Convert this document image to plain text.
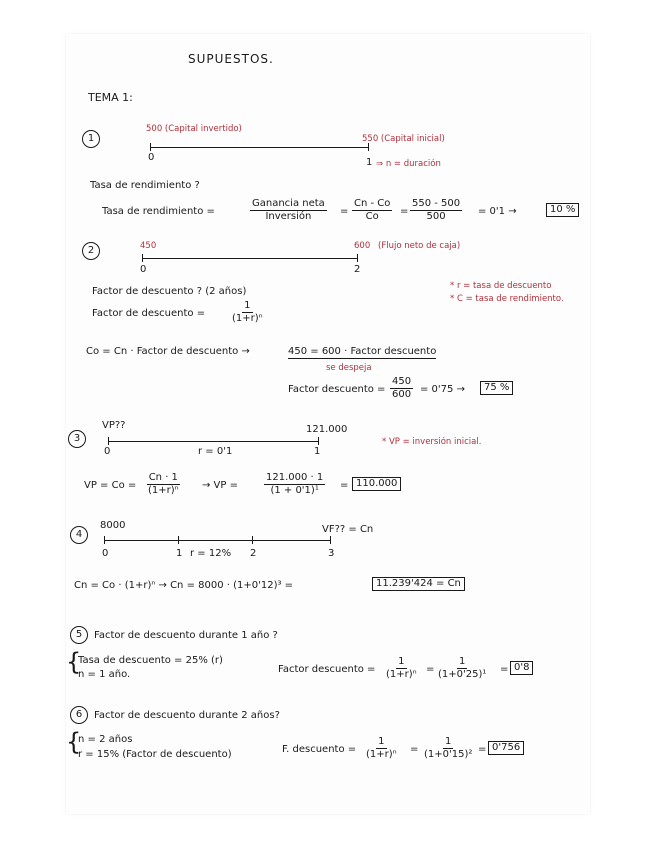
SUPUESTOS.
TEMA 1:
1
500 (Capital invertido)
550 (Capital inicial)
0	1 ⇒ n = duración
Tasa de rendimiento ?
Tasa de rendimiento =
Ganancia neta
Inversión	= $\frac{Cn - Co}{Co} = \frac{550 - 500}{500} = 0'1$ →	10 %
2	450	600 (Flujo neto de caja)
0	2
Factor de descuento ? (2 años)	* r = tasa de descuento
* C = tasa de rendimiento.
Factor de descuento = $\frac{1}{\text{(1+r)ⁿ}}$
Co = Cn · Factor de descuento →	450 = 600 · Factor descuento
se despeja
Factor descuento = $\frac{450}{600} = 0'75$ →	75 %
3
VP??	121.000
0	r = 0'1	1
* VP = inversión inicial.
VP = $Co = \frac{Cn \cdot 1}{\text{(1+r)ⁿ}}$ → VP =	$\frac{121.000 \cdot 1}{\text{(1 + 0'1)¹}} = 110.000$
4
8000	VF?? = Cn
0	1 r = 12% 2	3
Cn = Co · (1+r)ⁿ → Cn = 8000 · (1+0'12)³ =	11.239'424 = Cn
5	Factor de descuento durante 1 año ?
{
Tasa de descuento = 25% (r)
n = 1 año.	Factor descuento = $\frac{1}{\text{(1+r)ⁿ}} = \frac{1}{\text{(1+0'25)¹}} = 0'8$
6	Factor de descuento durante 2 años?
{
n = 2 años
r = 15% (Factor de descuento)	F. descuento = $\frac{1}{\text{(1+r)ⁿ}} = \frac{1}{\text{(1+0'15)²}} = 0'756$
